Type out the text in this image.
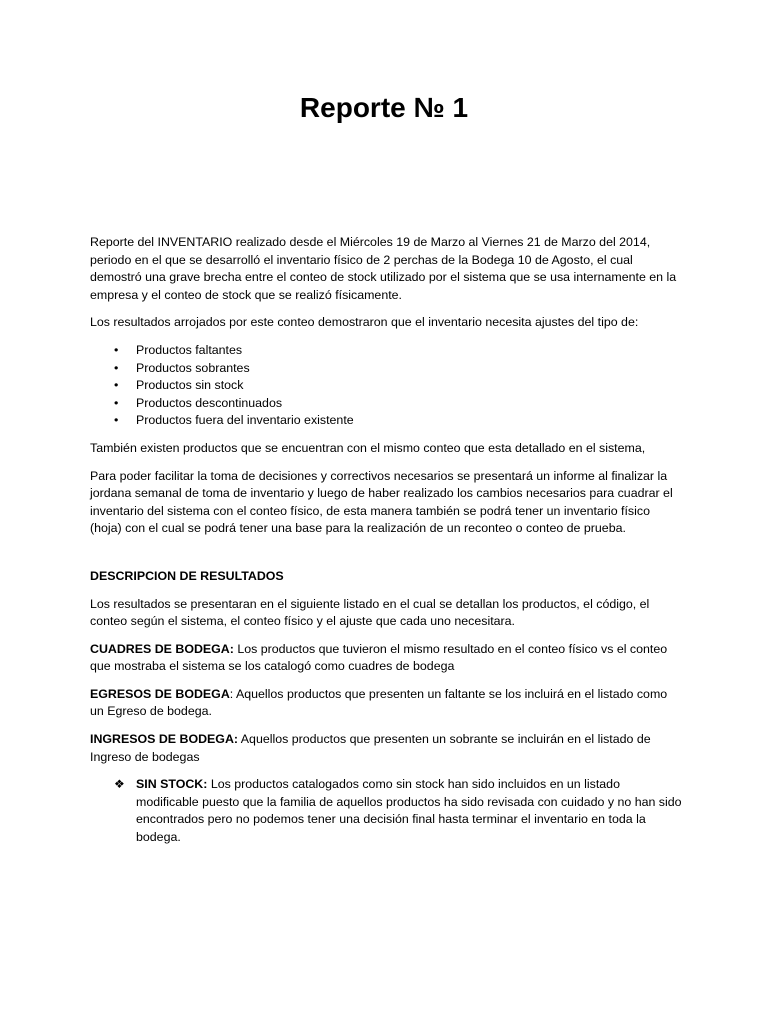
Reporte № 1

Reporte del INVENTARIO realizado desde el Miércoles 19 de Marzo al Viernes 21 de Marzo del 2014, periodo en el que se desarrolló el inventario físico de 2 perchas de la Bodega 10 de Agosto, el cual demostró una grave brecha entre el conteo de stock utilizado por el sistema que se usa internamente en la empresa y el conteo de stock que se realizó físicamente.

Los resultados arrojados por este conteo demostraron que el inventario necesita ajustes del tipo de:

• Productos faltantes
• Productos sobrantes
• Productos sin stock
• Productos descontinuados
• Productos fuera del inventario existente

También existen productos que se encuentran con el mismo conteo que esta detallado en el sistema,

Para poder facilitar la toma de decisiones y correctivos necesarios se presentará un informe al finalizar la jordana semanal de toma de inventario y luego de haber realizado los cambios necesarios para cuadrar el inventario del sistema con el conteo físico, de esta manera también se podrá tener un inventario físico (hoja) con el cual se podrá tener una base para la realización de un reconteo o conteo de prueba.

DESCRIPCION DE RESULTADOS

Los resultados se presentaran en el siguiente listado en el cual se detallan los productos, el código, el conteo según el sistema, el conteo físico y el ajuste que cada uno necesitara.

CUADRES DE BODEGA: Los productos que tuvieron el mismo resultado en el conteo físico vs el conteo que mostraba el sistema se los catalogó como cuadres de bodega

EGRESOS DE BODEGA: Aquellos productos que presenten un faltante se los incluirá en el listado como un Egreso de bodega.

INGRESOS DE BODEGA: Aquellos productos que presenten un sobrante se incluirán en el listado de Ingreso de bodegas

❖ SIN STOCK: Los productos catalogados como sin stock han sido incluidos en un listado modificable puesto que la familia de aquellos productos ha sido revisada con cuidado y no han sido encontrados pero no podemos tener una decisión final hasta terminar el inventario en toda la bodega.
